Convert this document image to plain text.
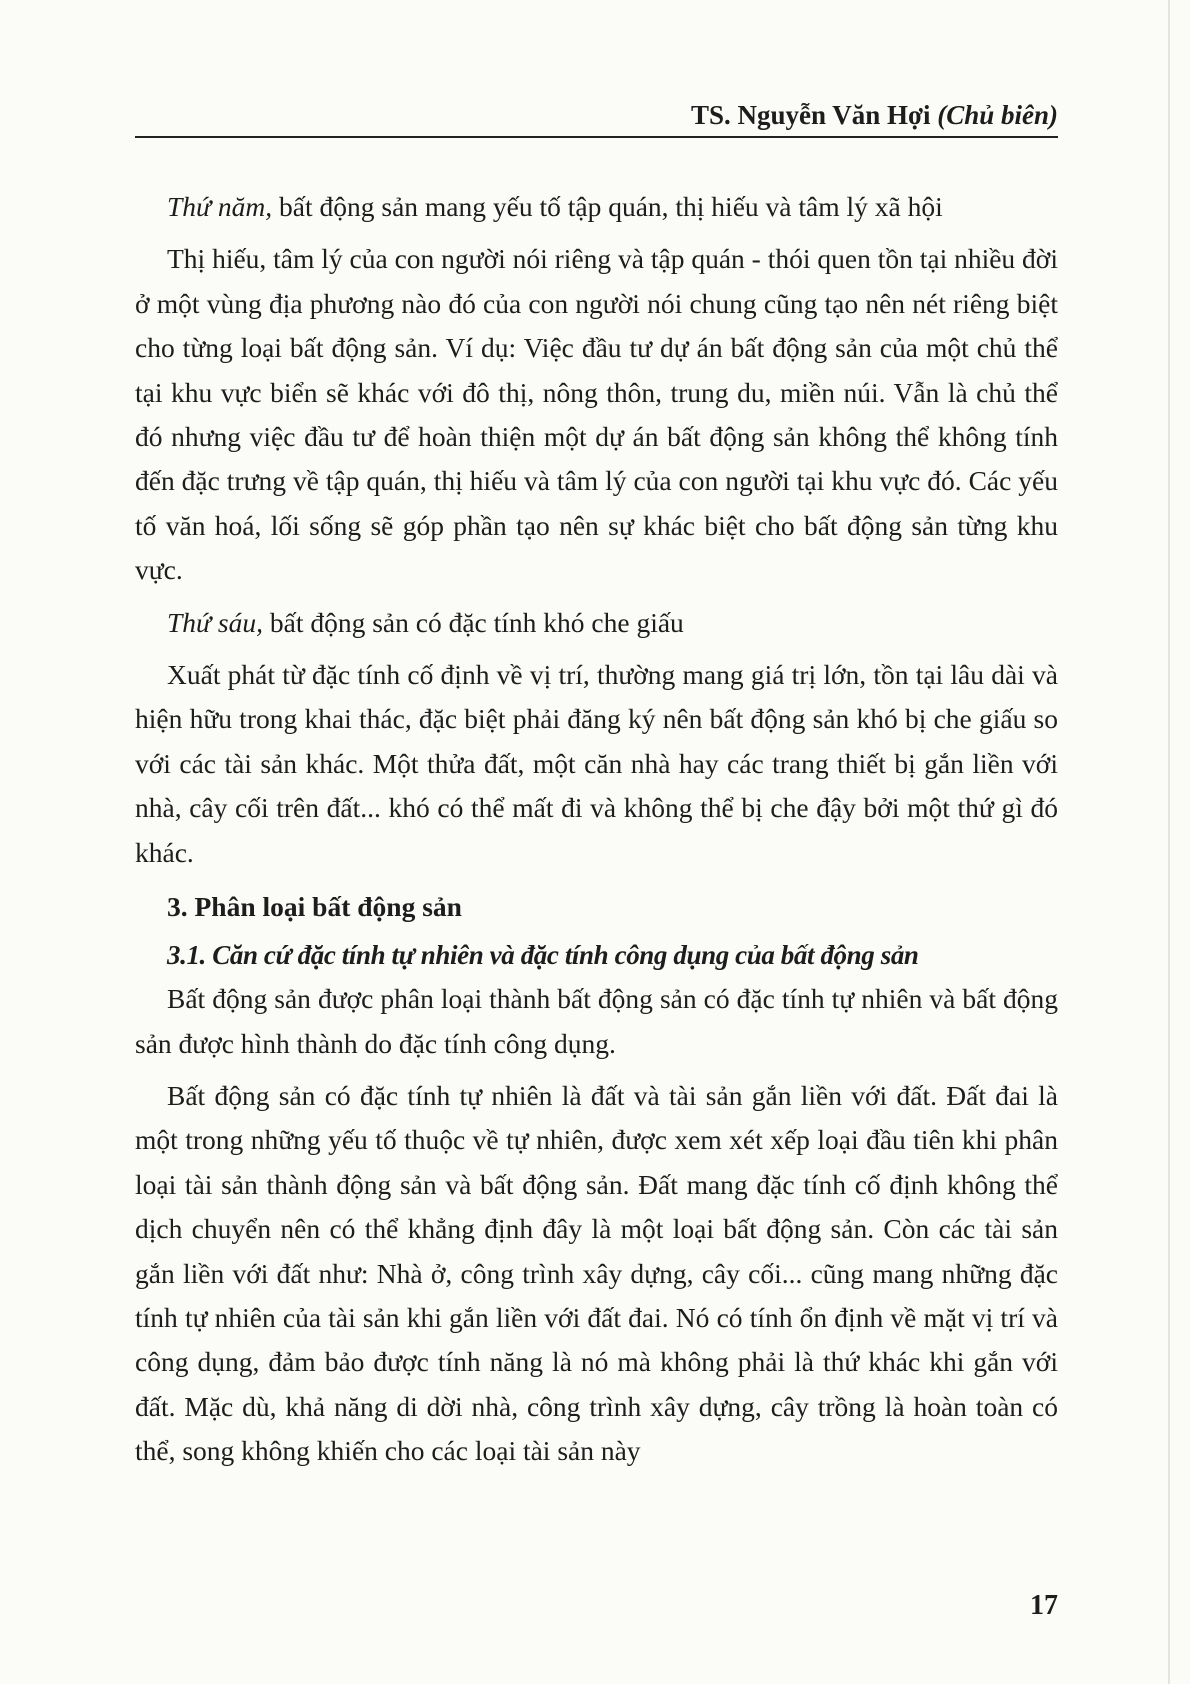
TS. Nguyễn Văn Hợi (Chủ biên)

Thứ năm, bất động sản mang yếu tố tập quán, thị hiếu và tâm lý xã hội

Thị hiếu, tâm lý của con người nói riêng và tập quán - thói quen tồn tại nhiều đời ở một vùng địa phương nào đó của con người nói chung cũng tạo nên nét riêng biệt cho từng loại bất động sản. Ví dụ: Việc đầu tư dự án bất động sản của một chủ thể tại khu vực biển sẽ khác với đô thị, nông thôn, trung du, miền núi. Vẫn là chủ thể đó nhưng việc đầu tư để hoàn thiện một dự án bất động sản không thể không tính đến đặc trưng về tập quán, thị hiếu và tâm lý của con người tại khu vực đó. Các yếu tố văn hoá, lối sống sẽ góp phần tạo nên sự khác biệt cho bất động sản từng khu vực.

Thứ sáu, bất động sản có đặc tính khó che giấu

Xuất phát từ đặc tính cố định về vị trí, thường mang giá trị lớn, tồn tại lâu dài và hiện hữu trong khai thác, đặc biệt phải đăng ký nên bất động sản khó bị che giấu so với các tài sản khác. Một thửa đất, một căn nhà hay các trang thiết bị gắn liền với nhà, cây cối trên đất... khó có thể mất đi và không thể bị che đậy bởi một thứ gì đó khác.

3. Phân loại bất động sản

3.1. Căn cứ đặc tính tự nhiên và đặc tính công dụng của bất động sản

Bất động sản được phân loại thành bất động sản có đặc tính tự nhiên và bất động sản được hình thành do đặc tính công dụng.

Bất động sản có đặc tính tự nhiên là đất và tài sản gắn liền với đất. Đất đai là một trong những yếu tố thuộc về tự nhiên, được xem xét xếp loại đầu tiên khi phân loại tài sản thành động sản và bất động sản. Đất mang đặc tính cố định không thể dịch chuyển nên có thể khẳng định đây là một loại bất động sản. Còn các tài sản gắn liền với đất như: Nhà ở, công trình xây dựng, cây cối... cũng mang những đặc tính tự nhiên của tài sản khi gắn liền với đất đai. Nó có tính ổn định về mặt vị trí và công dụng, đảm bảo được tính năng là nó mà không phải là thứ khác khi gắn với đất. Mặc dù, khả năng di dời nhà, công trình xây dựng, cây trồng là hoàn toàn có thể, song không khiến cho các loại tài sản này

17
